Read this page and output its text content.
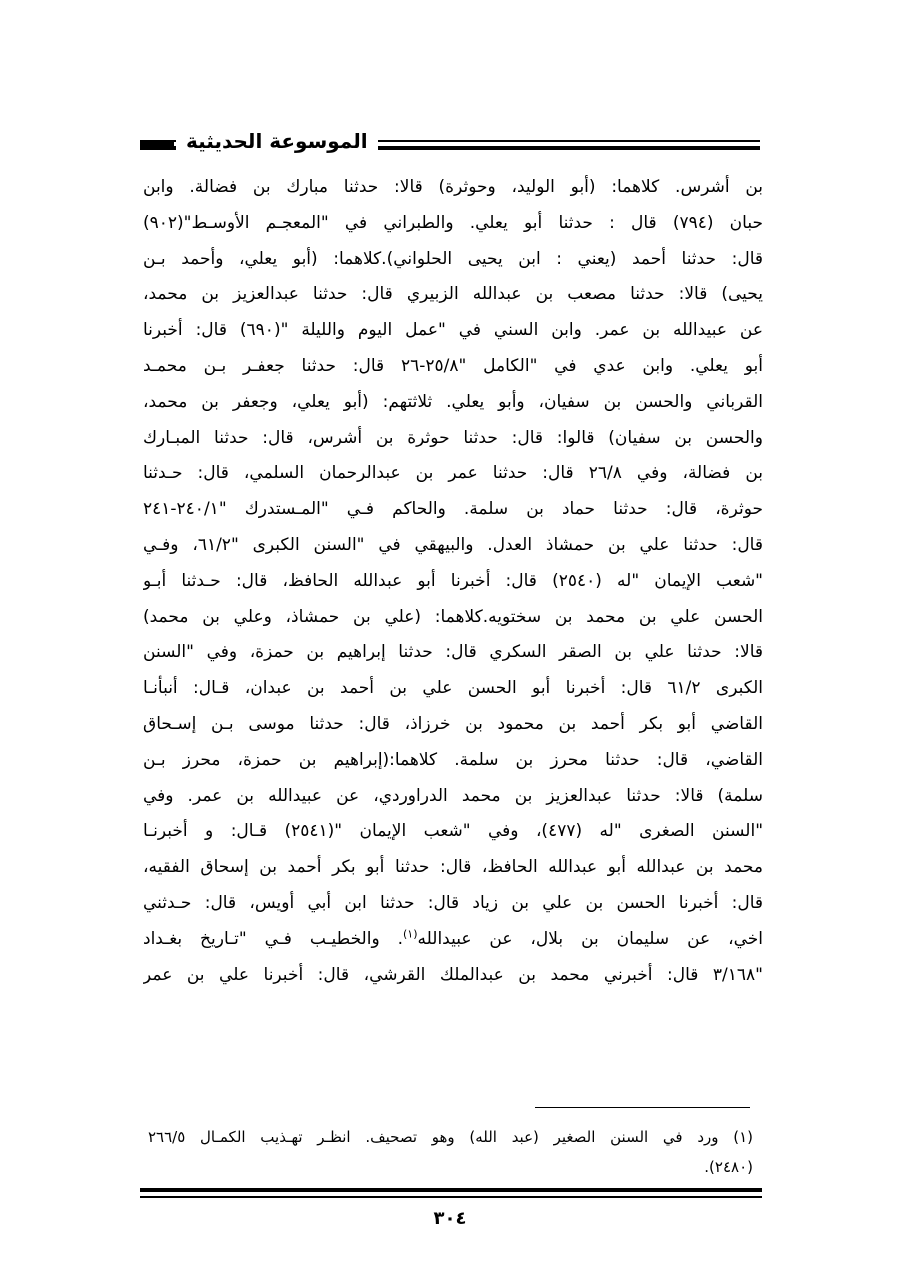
الموسوعة الحديثية
بن أشرس. كلاهما: (أبو الوليد، وحوثرة) قالا: حدثنا مبارك بن فضالة. وابن
حبان (٧٩٤) قال : حدثنا أبو يعلي. والطبراني في "المعجـم الأوسـط"(٩٠٢)
قال: حدثنا أحمد (يعني : ابن يحيى الحلواني).كلاهما: (أبو يعلي، وأحمد بـن
يحيى) قالا: حدثنا مصعب بن عبدالله الزبيري قال: حدثنا عبدالعزيز بن محمد،
عن عبيدالله بن عمر. وابن السني في "عمل اليوم والليلة "(٦٩٠) قال: أخبرنا
أبو يعلي. وابن عدي في "الكامل "٢٥/٨-٢٦ قال: حدثنا جعفـر بـن محمـد
القرباني والحسن بن سفيان، وأبو يعلي. ثلاثتهم: (أبو يعلي، وجعفر بن محمد،
والحسن بن سفيان) قالوا: قال: حدثنا حوثرة بن أشرس، قال: حدثنا المبـارك
بن فضالة، وفي ٢٦/٨ قال: حدثنا عمر بن عبدالرحمان السلمي، قال: حـدثنا
حوثرة، قال: حدثنا حماد بن سلمة. والحاكم فـي "المـستدرك "٢٤٠/١-٢٤١
قال: حدثنا علي بن حمشاذ العدل. والبيهقي في "السنن الكبرى "٦١/٢، وفـي
"شعب الإيمان "له (٢٥٤٠) قال: أخبرنا أبو عبدالله الحافظ، قال: حـدثنا أبـو
الحسن علي بن محمد بن سختويه.كلاهما: (علي بن حمشاذ، وعلي بن محمد)
قالا: حدثنا علي بن الصقر السكري قال: حدثنا إبراهيم بن حمزة، وفي "السنن
الكبرى ٦١/٢ قال: أخبرنا أبو الحسن علي بن أحمد بن عبدان، قـال: أنبأنـا
القاضي أبو بكر أحمد بن محمود بن خرزاذ، قال: حدثنا موسى بـن إسـحاق
القاضي، قال: حدثنا محرز بن سلمة. كلاهما:(إبراهيم بن حمزة، محرز بـن
سلمة) قالا: حدثنا عبدالعزيز بن محمد الدراوردي، عن عبيدالله بن عمر. وفي
"السنن الصغرى "له (٤٧٧)، وفي "شعب الإيمان "(٢٥٤١) قـال: و أخبرنـا
محمد بن عبدالله أبو عبدالله الحافظ، قال: حدثنا أبو بكر أحمد بن إسحاق الفقيه،
قال: أخبرنا الحسن بن علي بن زياد قال: حدثنا ابن أبي أويس، قال: حـدثني
اخي، عن سليمان بن بلال، عن عبيدالله$^{(١)}$. والخطيـب فـي "تـاريخ بغـداد
"٣/١٦٨ قال: أخبرني محمد بن عبدالملك القرشي، قال: أخبرنا علي بن عمر
(١) ورد في السنن الصغير (عبد الله) وهو تصحيف. انظـر تهـذيب الكمـال ٢٦٦/٥
(٢٤٨٠).
٣٠٤
